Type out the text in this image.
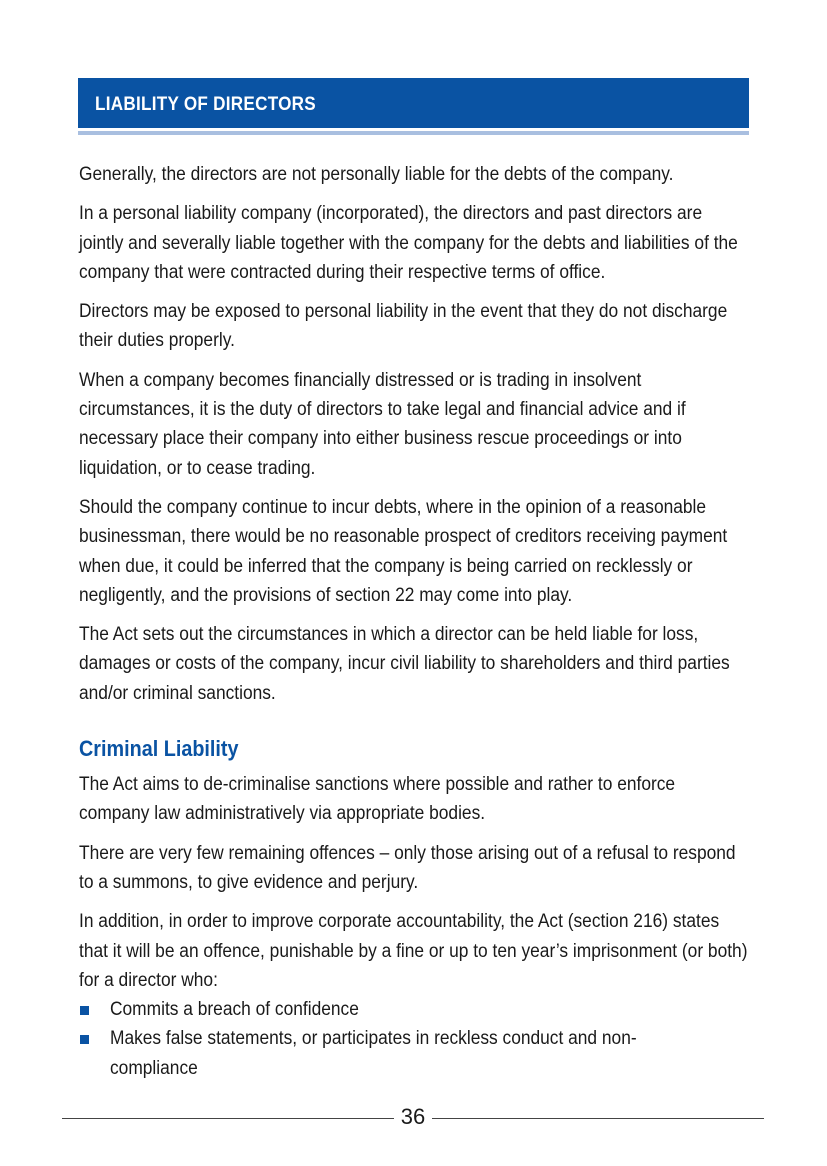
LIABILITY OF DIRECTORS

Generally, the directors are not personally liable for the debts of the company.

In a personal liability company (incorporated), the directors and past directors are jointly and severally liable together with the company for the debts and liabilities of the company that were contracted during their respective terms of office.

Directors may be exposed to personal liability in the event that they do not discharge their duties properly.

When a company becomes financially distressed or is trading in insolvent circumstances, it is the duty of directors to take legal and financial advice and if necessary place their company into either business rescue proceedings or into liquidation, or to cease trading.

Should the company continue to incur debts, where in the opinion of a reasonable businessman, there would be no reasonable prospect of creditors receiving payment when due, it could be inferred that the company is being carried on recklessly or negligently, and the provisions of section 22 may come into play.

The Act sets out the circumstances in which a director can be held liable for loss, damages or costs of the company, incur civil liability to shareholders and third parties and/or criminal sanctions.

Criminal Liability

The Act aims to de-criminalise sanctions where possible and rather to enforce company law administratively via appropriate bodies.

There are very few remaining offences – only those arising out of a refusal to respond to a summons, to give evidence and perjury.

In addition, in order to improve corporate accountability, the Act (section 216) states that it will be an offence, punishable by a fine or up to ten year’s imprisonment (or both) for a director who:

Commits a breach of confidence
Makes false statements, or participates in reckless conduct and non-compliance
36
